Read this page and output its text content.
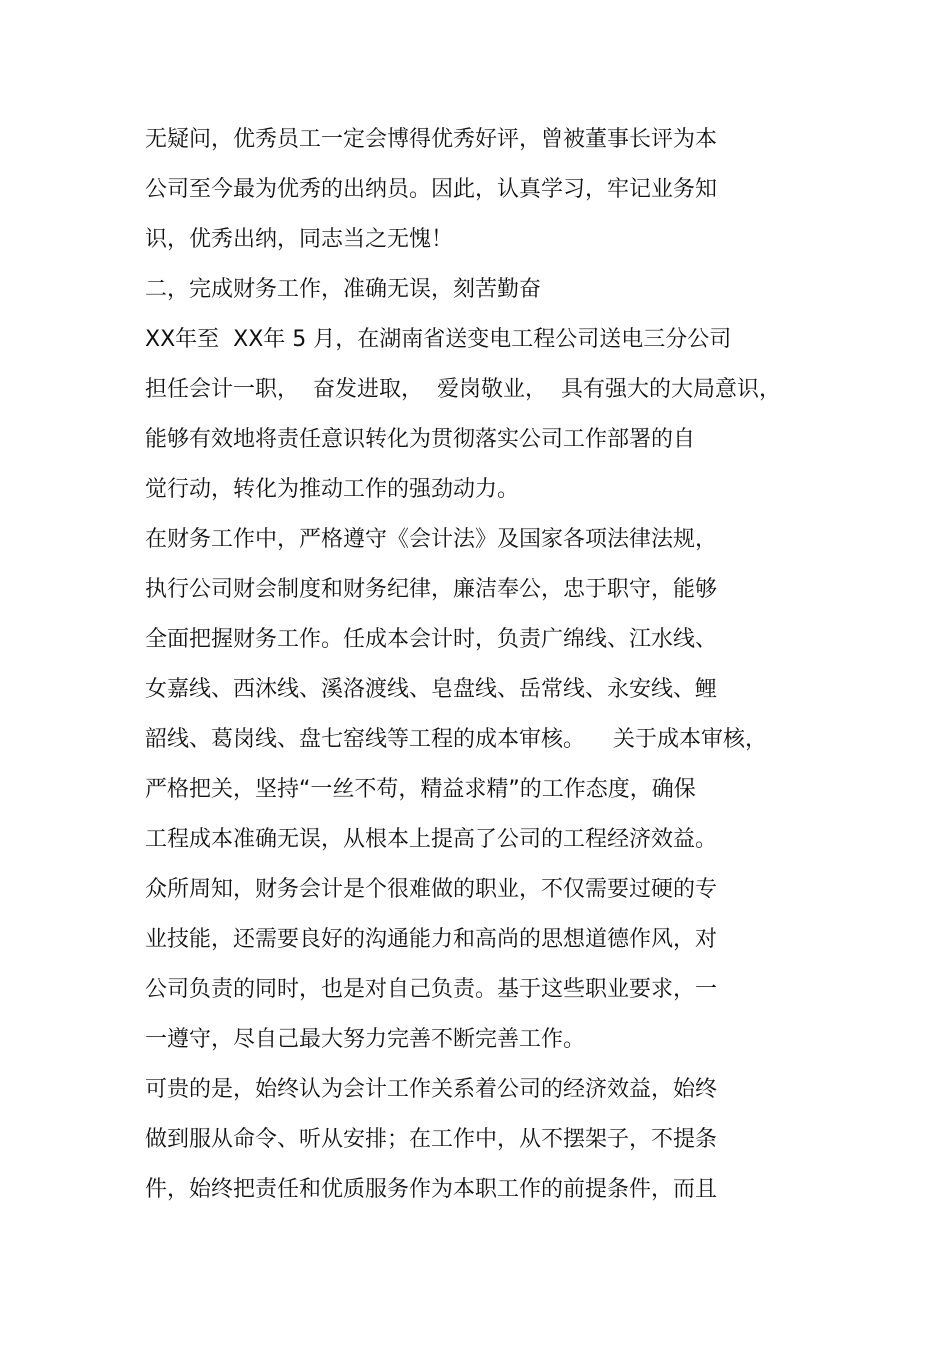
无疑问，优秀员工一定会博得优秀好评，曾被董事长评为本
公司至今最为优秀的出纳员。因此，认真学习，牢记业务知
识，优秀出纳，同志当之无愧！
二，完成财务工作，准确无误，刻苦勤奋
XX年至  XX年 5 月，在湖南省送变电工程公司送电三分公司
担任会计一职，  奋发进取，  爱岗敬业，  具有强大的大局意识，
能够有效地将责任意识转化为贯彻落实公司工作部署的自
觉行动，转化为推动工作的强劲动力。
在财务工作中，严格遵守《会计法》及国家各项法律法规，
执行公司财会制度和财务纪律，廉洁奉公，忠于职守，能够
全面把握财务工作。任成本会计时，负责广绵线、江水线、
女嘉线、西沐线、溪洛渡线、皂盘线、岳常线、永安线、鲤
韶线、葛岗线、盘七窑线等工程的成本审核。    关于成本审核，
严格把关，坚持“一丝不苟，精益求精”的工作态度，确保
工程成本准确无误，从根本上提高了公司的工程经济效益。
众所周知，财务会计是个很难做的职业，不仅需要过硬的专
业技能，还需要良好的沟通能力和高尚的思想道德作风，对
公司负责的同时，也是对自己负责。基于这些职业要求，一
一遵守，尽自己最大努力完善不断完善工作。
可贵的是，始终认为会计工作关系着公司的经济效益，始终
做到服从命令、听从安排；在工作中，从不摆架子，不提条
件，始终把责任和优质服务作为本职工作的前提条件，而且
